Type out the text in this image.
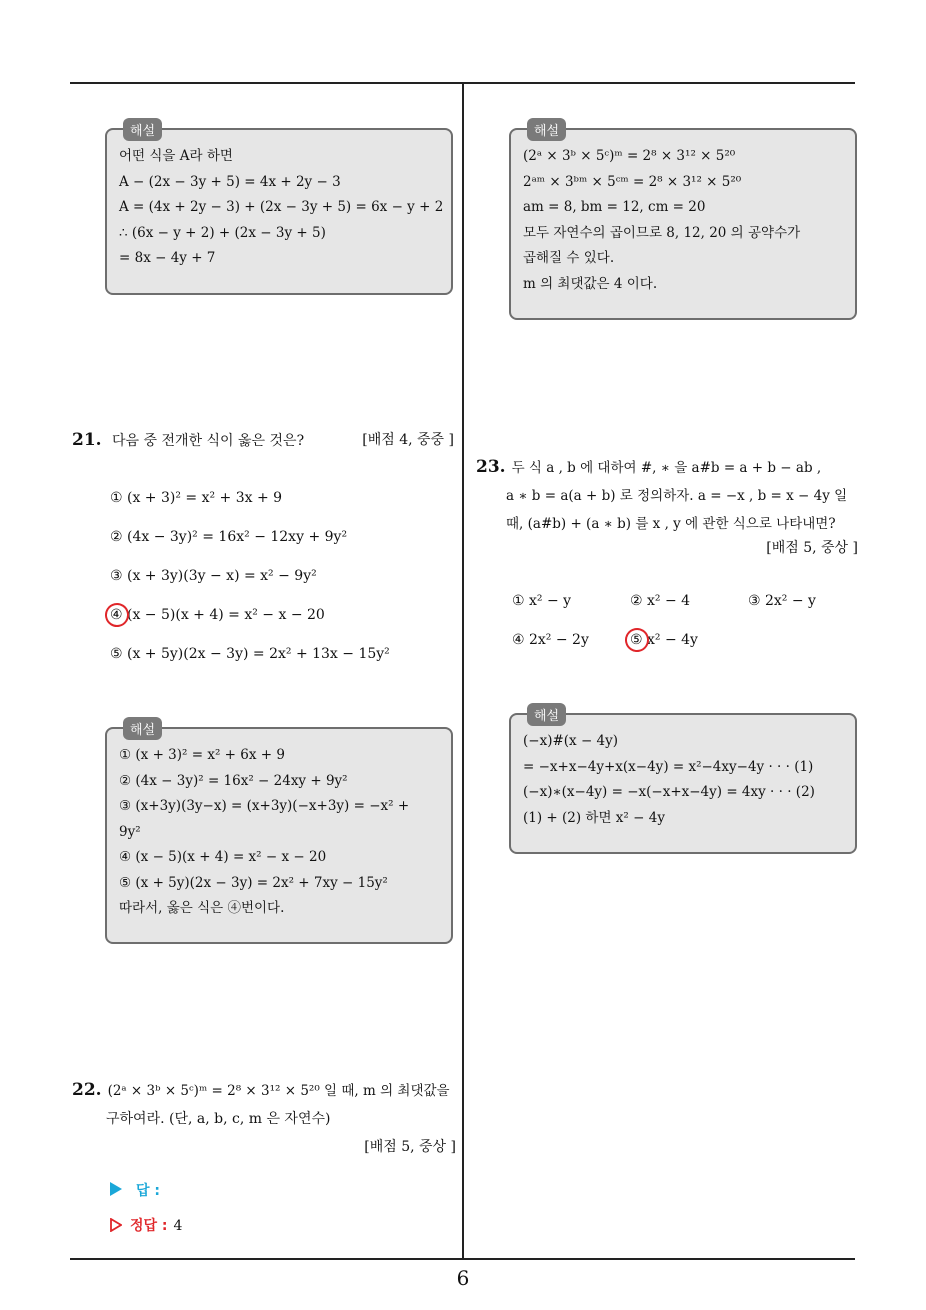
6
해설
어떤 식을 A라 하면
A − (2x − 3y + 5) = 4x + 2y − 3
A = (4x + 2y − 3) + (2x − 3y + 5) = 6x − y + 2
∴ (6x − y + 2) + (2x − 3y + 5)
= 8x − 4y + 7
21. 다음 중 전개한 식이 옳은 것은?	[배점 4, 중중 ]
① (x + 3)² = x² + 3x + 9
② (4x − 3y)² = 16x² − 12xy + 9y²
③ (x + 3y)(3y − x) = x² − 9y²
④ (x − 5)(x + 4) = x² − x − 20
⑤ (x + 5y)(2x − 3y) = 2x² + 13x − 15y²
해설
① (x + 3)² = x² + 6x + 9
② (4x − 3y)² = 16x² − 24xy + 9y²
③ (x+3y)(3y−x) = (x+3y)(−x+3y) = −x² +
9y²
④ (x − 5)(x + 4) = x² − x − 20
⑤ (x + 5y)(2x − 3y) = 2x² + 7xy − 15y²
따라서, 옳은 식은 ④번이다.
22. (2ᵃ × 3ᵇ × 5ᶜ)ᵐ = 2⁸ × 3¹² × 5²⁰ 일 때, m 의 최댓값을
구하여라. (단, a, b, c, m 은 자연수)
[배점 5, 중상 ]
답 :
정답 : 4
해설
(2ᵃ × 3ᵇ × 5ᶜ)ᵐ = 2⁸ × 3¹² × 5²⁰
2ᵃᵐ × 3ᵇᵐ × 5ᶜᵐ = 2⁸ × 3¹² × 5²⁰
am = 8, bm = 12, cm = 20
모두 자연수의 곱이므로 8, 12, 20 의 공약수가
곱해질 수 있다.
m 의 최댓값은 4 이다.
23. 두 식 a , b 에 대하여 #, ∗ 을 a#b = a + b − ab ,
a ∗ b = a(a + b) 로 정의하자. a = −x , b = x − 4y 일
때, (a#b) + (a ∗ b) 를 x , y 에 관한 식으로 나타내면?
[배점 5, 중상 ]
① x² − y	② x² − 4	③ 2x² − y
④ 2x² − 2y	⑤ x² − 4y
해설
(−x)#(x − 4y)
= −x+x−4y+x(x−4y) = x²−4xy−4y · · · (1)
(−x)∗(x−4y) = −x(−x+x−4y) = 4xy · · · (2)
(1) + (2) 하면 x² − 4y
